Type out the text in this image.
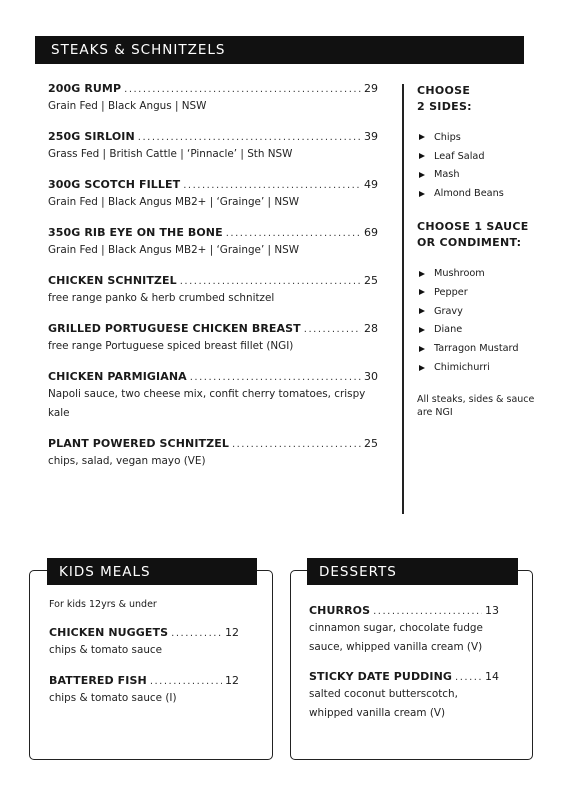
STEAKS & SCHNITZELS
200G RUMP .....	29
Grain Fed | Black Angus | NSW
250G SIRLOIN .....	39
Grass Fed | British Cattle | ‘Pinnacle’ | Sth NSW
300G SCOTCH FILLET .....	49
Grain Fed | Black Angus MB2+ | ‘Grainge’ | NSW
350G RIB EYE ON THE BONE .....	69
Grain Fed | Black Angus MB2+ | ‘Grainge’ | NSW
CHICKEN SCHNITZEL .....	25
free range panko & herb crumbed schnitzel
GRILLED PORTUGUESE CHICKEN BREAST .....	28
free range Portuguese spiced breast fillet (NGI)
CHICKEN PARMIGIANA .....	30
Napoli sauce, two cheese mix, confit cherry tomatoes, crispy kale
PLANT POWERED SCHNITZEL .....	25
chips, salad, vegan mayo (VE)
CHOOSE
2 SIDES:
Chips
Leaf Salad
Mash
Almond Beans
CHOOSE 1 SAUCE
OR CONDIMENT:
Mushroom
Pepper
Gravy
Diane
Tarragon Mustard
Chimichurri
All steaks, sides & sauce are NGI
KIDS MEALS
For kids 12yrs & under
CHICKEN NUGGETS .....	12
chips & tomato sauce
BATTERED FISH .....	12
chips & tomato sauce (I)
DESSERTS
CHURROS .....	13
cinnamon sugar, chocolate fudge sauce, whipped vanilla cream (V)
STICKY DATE PUDDING .....	14
salted coconut butterscotch, whipped vanilla cream (V)
